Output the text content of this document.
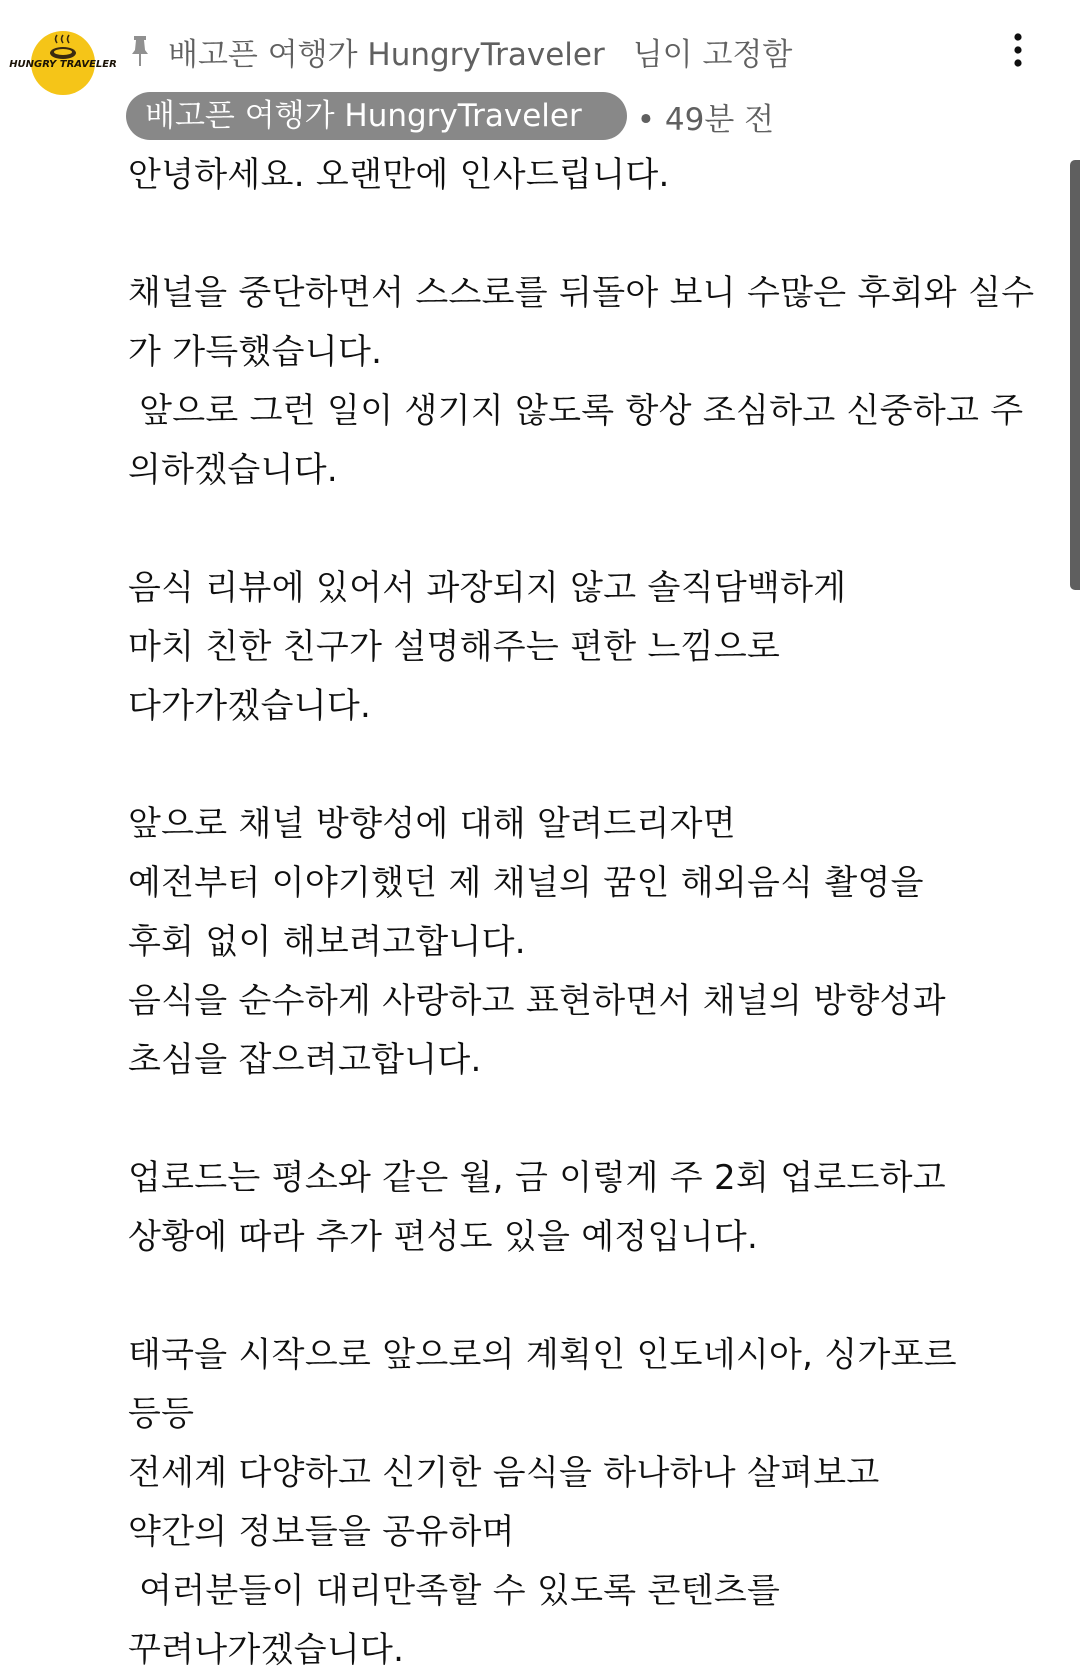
HUNGRY TRAVELER 배고픈 여행가 HungryTraveler 님이 고정함
배고픈 여행가 HungryTraveler	• 49분 전
안녕하세요. 오랜만에 인사드립니다.

채널을 중단하면서 스스로를 뒤돌아 보니 수많은 후회와 실수가 가득했습니다.
앞으로 그런 일이 생기지 않도록 항상 조심하고 신중하고 주의하겠습니다.

음식 리뷰에 있어서 과장되지 않고 솔직담백하게
마치 친한 친구가 설명해주는 편한 느낌으로
다가가겠습니다.

앞으로 채널 방향성에 대해 알려드리자면
예전부터 이야기했던 제 채널의 꿈인 해외음식 촬영을
후회 없이 해보려고합니다.
음식을 순수하게 사랑하고 표현하면서 채널의 방향성과
초심을 잡으려고합니다.

업로드는 평소와 같은 월, 금 이렇게 주 2회 업로드하고
상황에 따라 추가 편성도 있을 예정입니다.

태국을 시작으로 앞으로의 계획인 인도네시아, 싱가포르
등등
전세계 다양하고 신기한 음식을 하나하나 살펴보고
약간의 정보들을 공유하며
여러분들이 대리만족할 수 있도록 콘텐츠를
꾸려나가겠습니다.
